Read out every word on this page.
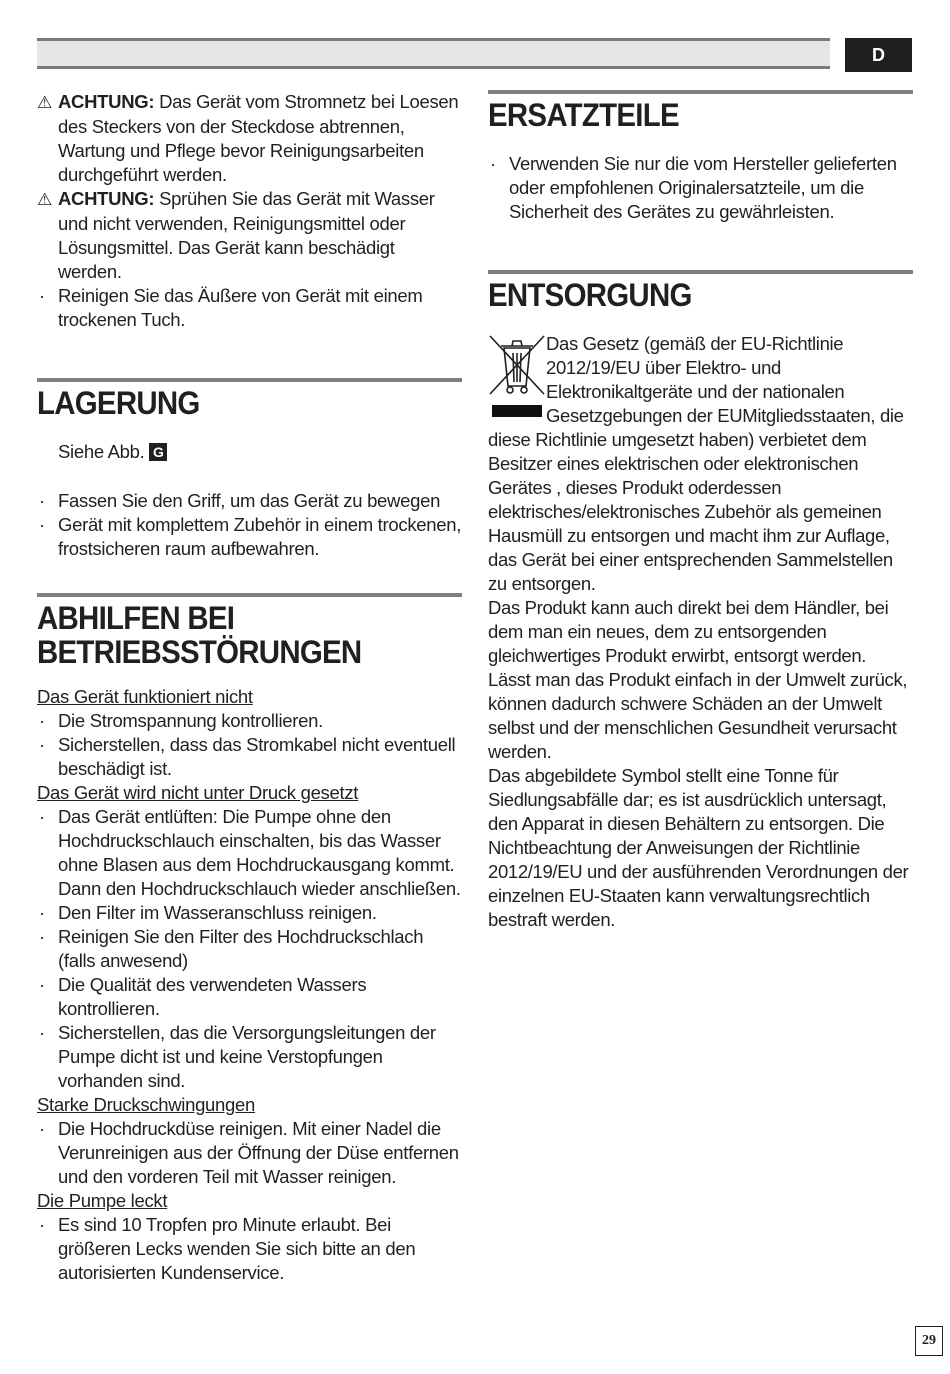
D

⚠ ACHTUNG: Das Gerät vom Stromnetz bei Loesen des Steckers von der Steckdose abtrennen, Wartung und Pflege bevor Reinigungsarbeiten durchgeführt werden.

⚠ ACHTUNG: Sprühen Sie das Gerät mit Wasser und nicht verwenden, Reinigungsmittel oder Lösungsmittel. Das Gerät kann beschädigt werden.

· Reinigen Sie das Äußere von Gerät mit einem trockenen Tuch.
LAGERUNG
Siehe Abb. G
· Fassen Sie den Griff, um das Gerät zu bewegen
· Gerät mit komplettem Zubehör in einem trockenen, frostsicheren raum aufbewahren.
ABHILFEN BEI
BETRIEBSSTÖRUNGEN
Das Gerät funktioniert nicht
· Die Stromspannung kontrollieren.
· Sicherstellen, dass das Stromkabel nicht eventuell beschädigt ist.
Das Gerät wird nicht unter Druck gesetzt
· Das Gerät entlüften: Die Pumpe ohne den Hochdruckschlauch einschalten, bis das Wasser ohne Blasen aus dem Hochdruckausgang kommt. Dann den Hochdruckschlauch wieder anschließen.
· Den Filter im Wasseranschluss reinigen.
· Reinigen Sie den Filter des Hochdruckschlach (falls anwesend)
· Die Qualität des verwendeten Wassers kontrollieren.
· Sicherstellen, das die Versorgungsleitungen der Pumpe dicht ist und keine Verstopfungen vorhanden sind.
Starke Druckschwingungen
· Die Hochdruckdüse reinigen. Mit einer Nadel die Verunreinigen aus der Öffnung der Düse entfernen und den vorderen Teil mit Wasser reinigen.
Die Pumpe leckt
· Es sind 10 Tropfen pro Minute erlaubt. Bei größeren Lecks wenden Sie sich bitte an den autorisierten Kundenservice.
ERSATZTEILE
· Verwenden Sie nur die vom Hersteller gelieferten oder empfohlenen Originalersatzteile, um die Sicherheit des Gerätes zu gewährleisten.
ENTSORGUNG
Das Gesetz (gemäß der EU-Richtlinie 2012/19/EU über Elektro- und Elektronikaltgeräte und der nationalen Gesetzgebungen der EUMitgliedsstaaten, die diese Richtlinie umgesetzt haben) verbietet dem Besitzer eines elektrischen oder elektronischen Gerätes , dieses Produkt oderdessen elektrisches/elektronisches Zubehör als gemeinen Hausmüll zu entsorgen und macht ihm zur Auflage, das Gerät bei einer entsprechenden Sammelstellen zu entsorgen.
Das Produkt kann auch direkt bei dem Händler, bei dem man ein neues, dem zu entsorgenden gleichwertiges Produkt erwirbt, entsorgt werden. Lässt man das Produkt einfach in der Umwelt zurück, können dadurch schwere Schäden an der Umwelt selbst und der menschlichen Gesundheit verursacht werden.
Das abgebildete Symbol stellt eine Tonne für Siedlungsabfälle dar; es ist ausdrücklich untersagt, den Apparat in diesen Behältern zu entsorgen. Die Nichtbeachtung der Anweisungen der Richtlinie 2012/19/EU und der ausführenden Verordnungen der einzelnen EU-Staaten kann verwaltungsrechtlich bestraft werden.
29
